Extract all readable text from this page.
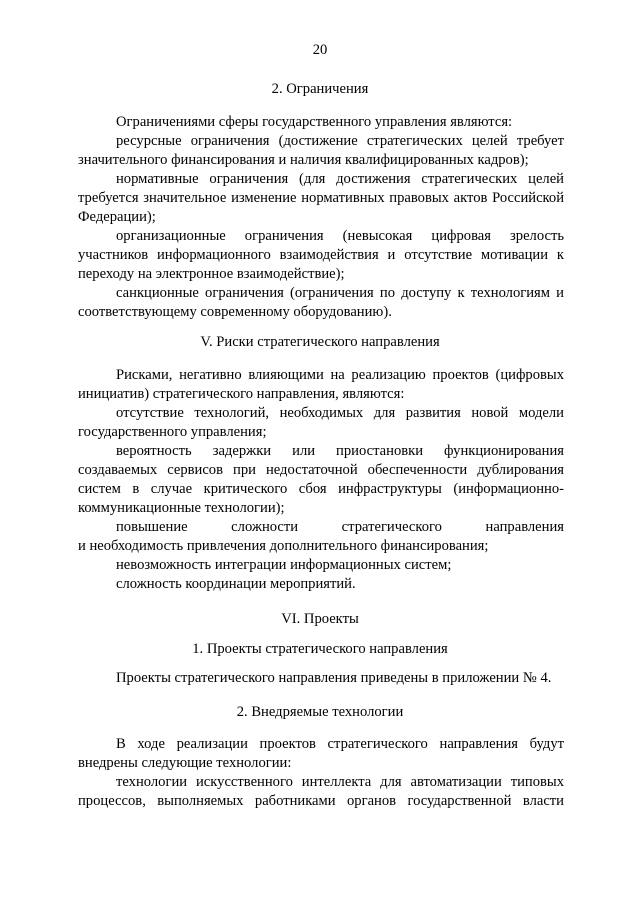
20
2. Ограничения
Ограничениями сферы государственного управления являются:
ресурсные ограничения (достижение стратегических целей требует значительного финансирования и наличия квалифицированных кадров);
нормативные ограничения (для достижения стратегических целей требуется значительное изменение нормативных правовых актов Российской Федерации);
организационные ограничения (невысокая цифровая зрелость участников информационного взаимодействия и отсутствие мотивации к переходу на электронное взаимодействие);
санкционные ограничения (ограничения по доступу к технологиям и соответствующему современному оборудованию).
V. Риски стратегического направления
Рисками, негативно влияющими на реализацию проектов (цифровых инициатив) стратегического направления, являются:
отсутствие технологий, необходимых для развития новой модели государственного управления;
вероятность задержки или приостановки функционирования создаваемых сервисов при недостаточной обеспеченности дублирования систем в случае критического сбоя инфраструктуры (информационно-коммуникационные технологии);
повышение сложности стратегического направления
и необходимость привлечения дополнительного финансирования;
невозможность интеграции информационных систем;
сложность координации мероприятий.
VI. Проекты
1. Проекты стратегического направления
Проекты стратегического направления приведены в приложении № 4.
2. Внедряемые технологии
В ходе реализации проектов стратегического направления будут внедрены следующие технологии:
технологии искусственного интеллекта для автоматизации типовых
процессов, выполняемых работниками органов государственной власти
